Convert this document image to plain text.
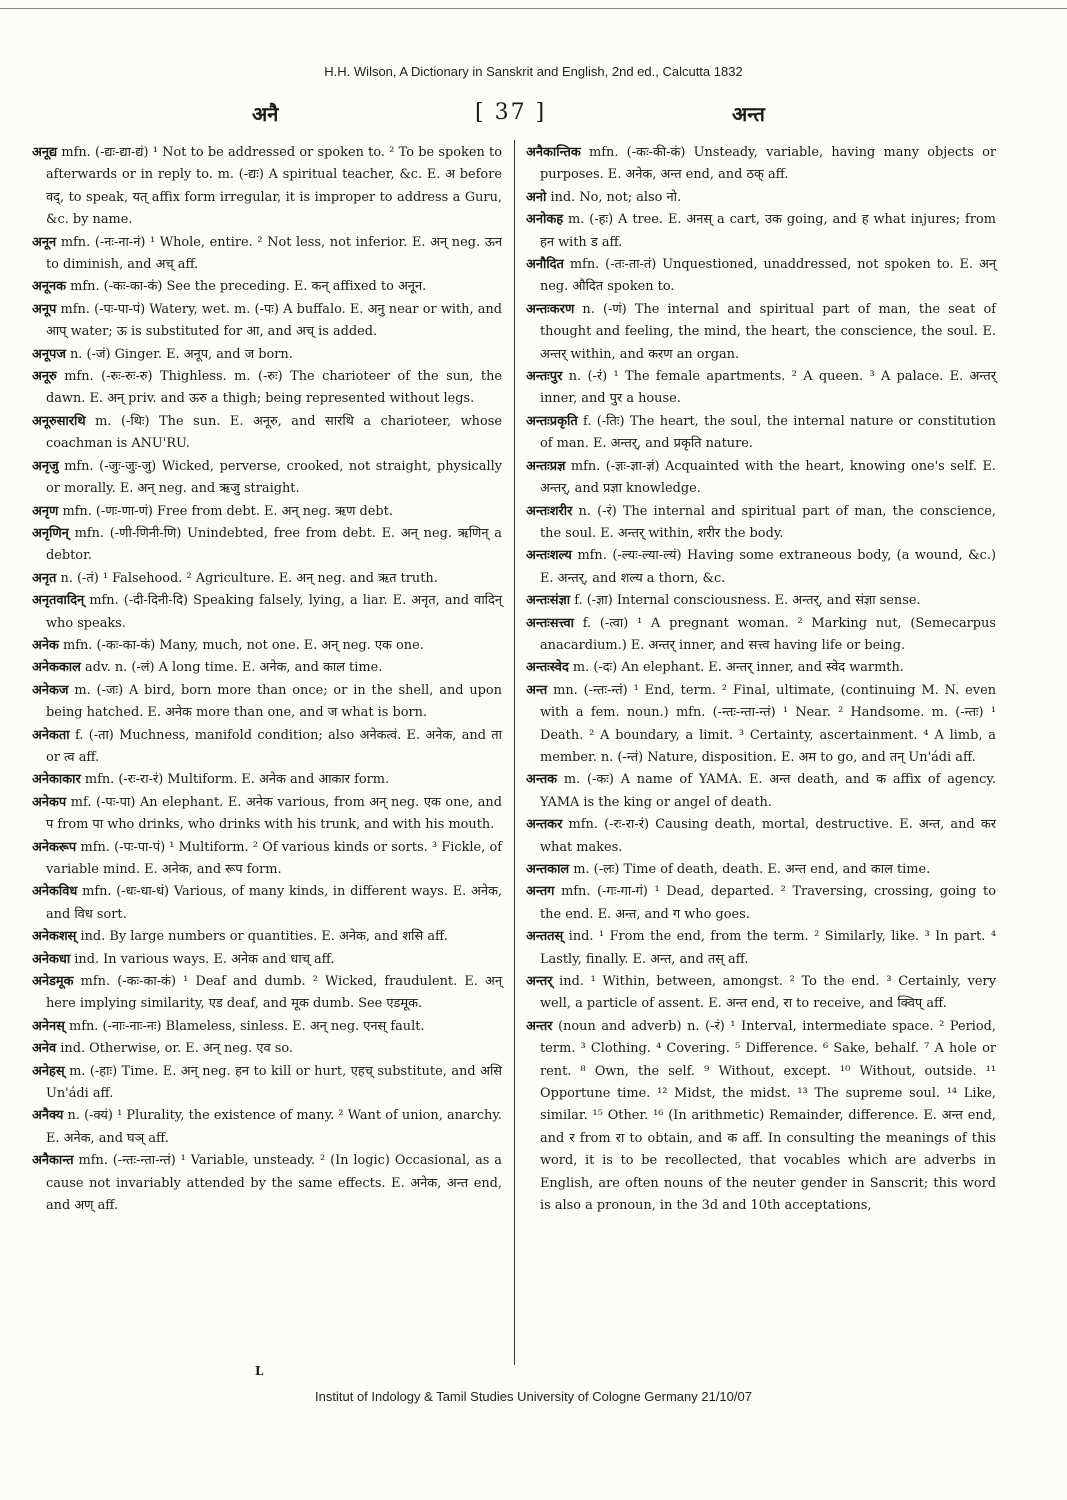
H.H. Wilson, A Dictionary in Sanskrit and English, 2nd ed., Calcutta 1832
अनै	[ 37 ]	अन्त

अनूद्य mfn. (-द्यः-द्या-द्यं) ¹ Not to be addressed or spoken to. ² To be spoken to afterwards or in reply to. m. (-द्यः) A spiritual teacher, &c. E. अ before वद्, to speak, यत् affix form irregular, it is improper to address a Guru, &c. by name.

अनून mfn. (-नः-ना-नं) ¹ Whole, entire. ² Not less, not inferior. E. अन् neg. ऊन to diminish, and अच् aff.

अनूनक mfn. (-कः-का-कं) See the preceding. E. कन् affixed to अनून.

अनूप mfn. (-पः-पा-पं) Watery, wet. m. (-पः) A buffalo. E. अनु near or with, and आप् water; ऊ is substituted for आ, and अच् is added.

अनूपज n. (-जं) Ginger. E. अनूप, and ज born.

अनूरु mfn. (-रुः-रुः-रु) Thighless. m. (-रुः) The charioteer of the sun, the dawn. E. अन् priv. and ऊरु a thigh; being represented without legs.

अनूरुसारथि m. (-थिः) The sun. E. अनूरु, and सारथि a charioteer, whose coachman is ANU'RU.

अनृजु mfn. (-जुः-जुः-जु) Wicked, perverse, crooked, not straight, physically or morally. E. अन् neg. and ऋजु straight.

अनृण mfn. (-णः-णा-णं) Free from debt. E. अन् neg. ऋण debt.

अनृणिन् mfn. (-णी-णिनी-णि) Unindebted, free from debt. E. अन् neg. ऋणिन् a debtor.

अनृत n. (-तं) ¹ Falsehood. ² Agriculture. E. अन् neg. and ऋत truth.

अनृतवादिन् mfn. (-दी-दिनी-दि) Speaking falsely, lying, a liar. E. अनृत, and वादिन् who speaks.

अनेक mfn. (-कः-का-कं) Many, much, not one. E. अन् neg. एक one.

अनेककाल adv. n. (-लं) A long time. E. अनेक, and काल time.

अनेकज m. (-जः) A bird, born more than once; or in the shell, and upon being hatched. E. अनेक more than one, and ज what is born.

अनेकता f. (-ता) Muchness, manifold condition; also अनेकत्वं. E. अनेक, and ता or त्व aff.

अनेकाकार mfn. (-रः-रा-रं) Multiform. E. अनेक and आकार form.

अनेकप mf. (-पः-पा) An elephant. E. अनेक various, from अन् neg. एक one, and प from पा who drinks, who drinks with his trunk, and with his mouth.

अनेकरूप mfn. (-पः-पा-पं) ¹ Multiform. ² Of various kinds or sorts. ³ Fickle, of variable mind. E. अनेक, and रूप form.

अनेकविध mfn. (-धः-धा-धं) Various, of many kinds, in different ways. E. अनेक, and विध sort.

अनेकशस् ind. By large numbers or quantities. E. अनेक, and शसि aff.

अनेकधा ind. In various ways. E. अनेक and धाच् aff.

अनेडमूक mfn. (-कः-का-कं) ¹ Deaf and dumb. ² Wicked, fraudulent. E. अन् here implying similarity, एड deaf, and मूक dumb. See एडमूक.

अनेनस् mfn. (-नाः-नाः-नः) Blameless, sinless. E. अन् neg. एनस् fault.

अनेव ind. Otherwise, or. E. अन् neg. एव so.

अनेहस् m. (-हाः) Time. E. अन् neg. हन to kill or hurt, एहच् substitute, and असि Un'ádi aff.

अनैक्य n. (-क्यं) ¹ Plurality, the existence of many. ² Want of union, anarchy. E. अनेक, and घञ् aff.

अनैकान्त mfn. (-न्तः-न्ता-न्तं) ¹ Variable, unsteady. ² (In logic) Occasional, as a cause not invariably attended by the same effects. E. अनेक, अन्त end, and अण् aff.

अनैकान्तिक mfn. (-कः-की-कं) Unsteady, variable, having many objects or purposes. E. अनेक, अन्त end, and ठक् aff.

अनो ind. No, not; also नो.

अनोकह m. (-हः) A tree. E. अनस् a cart, उक going, and ह what injures; from हन with ड aff.

अनौदित mfn. (-तः-ता-तं) Unquestioned, unaddressed, not spoken to. E. अन् neg. औदित spoken to.

अन्तःकरण n. (-णं) The internal and spiritual part of man, the seat of thought and feeling, the mind, the heart, the conscience, the soul. E. अन्तर् within, and करण an organ.

अन्तःपुर n. (-रं) ¹ The female apartments. ² A queen. ³ A palace. E. अन्तर् inner, and पुर a house.

अन्तःप्रकृति f. (-तिः) The heart, the soul, the internal nature or constitution of man. E. अन्तर्, and प्रकृति nature.

अन्तःप्रज्ञ mfn. (-ज्ञः-ज्ञा-ज्ञं) Acquainted with the heart, knowing one's self. E. अन्तर्, and प्रज्ञा knowledge.

अन्तःशरीर n. (-रं) The internal and spiritual part of man, the conscience, the soul. E. अन्तर् within, शरीर the body.

अन्तःशल्य mfn. (-ल्यः-ल्या-ल्यं) Having some extraneous body, (a wound, &c.) E. अन्तर्, and शल्य a thorn, &c.

अन्तःसंज्ञा f. (-ज्ञा) Internal consciousness. E. अन्तर्, and संज्ञा sense.

अन्तःसत्त्वा f. (-त्वा) ¹ A pregnant woman. ² Marking nut, (Semecarpus anacardium.) E. अन्तर् inner, and सत्त्व having life or being.

अन्तःस्वेद m. (-दः) An elephant. E. अन्तर् inner, and स्वेद warmth.

अन्त mn. (-न्तः-न्तं) ¹ End, term. ² Final, ultimate, (continuing M. N. even with a fem. noun.) mfn. (-न्तः-न्ता-न्तं) ¹ Near. ² Handsome. m. (-न्तः) ¹ Death. ² A boundary, a limit. ³ Certainty, ascertainment. ⁴ A limb, a member. n. (-न्तं) Nature, disposition. E. अम to go, and तन् Un'ádi aff.

अन्तक m. (-कः) A name of YAMA. E. अन्त death, and क affix of agency. YAMA is the king or angel of death.

अन्तकर mfn. (-रः-रा-रं) Causing death, mortal, destructive. E. अन्त, and कर what makes.

अन्तकाल m. (-लः) Time of death, death. E. अन्त end, and काल time.

अन्तग mfn. (-गः-गा-गं) ¹ Dead, departed. ² Traversing, crossing, going to the end. E. अन्त, and ग who goes.

अन्ततस् ind. ¹ From the end, from the term. ² Similarly, like. ³ In part. ⁴ Lastly, finally. E. अन्त, and तस् aff.

अन्तर् ind. ¹ Within, between, amongst. ² To the end. ³ Certainly, very well, a particle of assent. E. अन्त end, रा to receive, and क्विप् aff.

अन्तर (noun and adverb) n. (-रं) ¹ Interval, intermediate space. ² Period, term. ³ Clothing. ⁴ Covering. ⁵ Difference. ⁶ Sake, behalf. ⁷ A hole or rent. ⁸ Own, the self. ⁹ Without, except. ¹⁰ Without, outside. ¹¹ Opportune time. ¹² Midst, the midst. ¹³ The supreme soul. ¹⁴ Like, similar. ¹⁵ Other. ¹⁶ (In arithmetic) Remainder, difference. E. अन्त end, and र from रा to obtain, and क aff. In consulting the meanings of this word, it is to be recollected, that vocables which are adverbs in English, are often nouns of the neuter gender in Sanscrit; this word is also a pronoun, in the 3d and 10th acceptations,

L
Institut of Indology & Tamil Studies University of Cologne Germany 21/10/07
